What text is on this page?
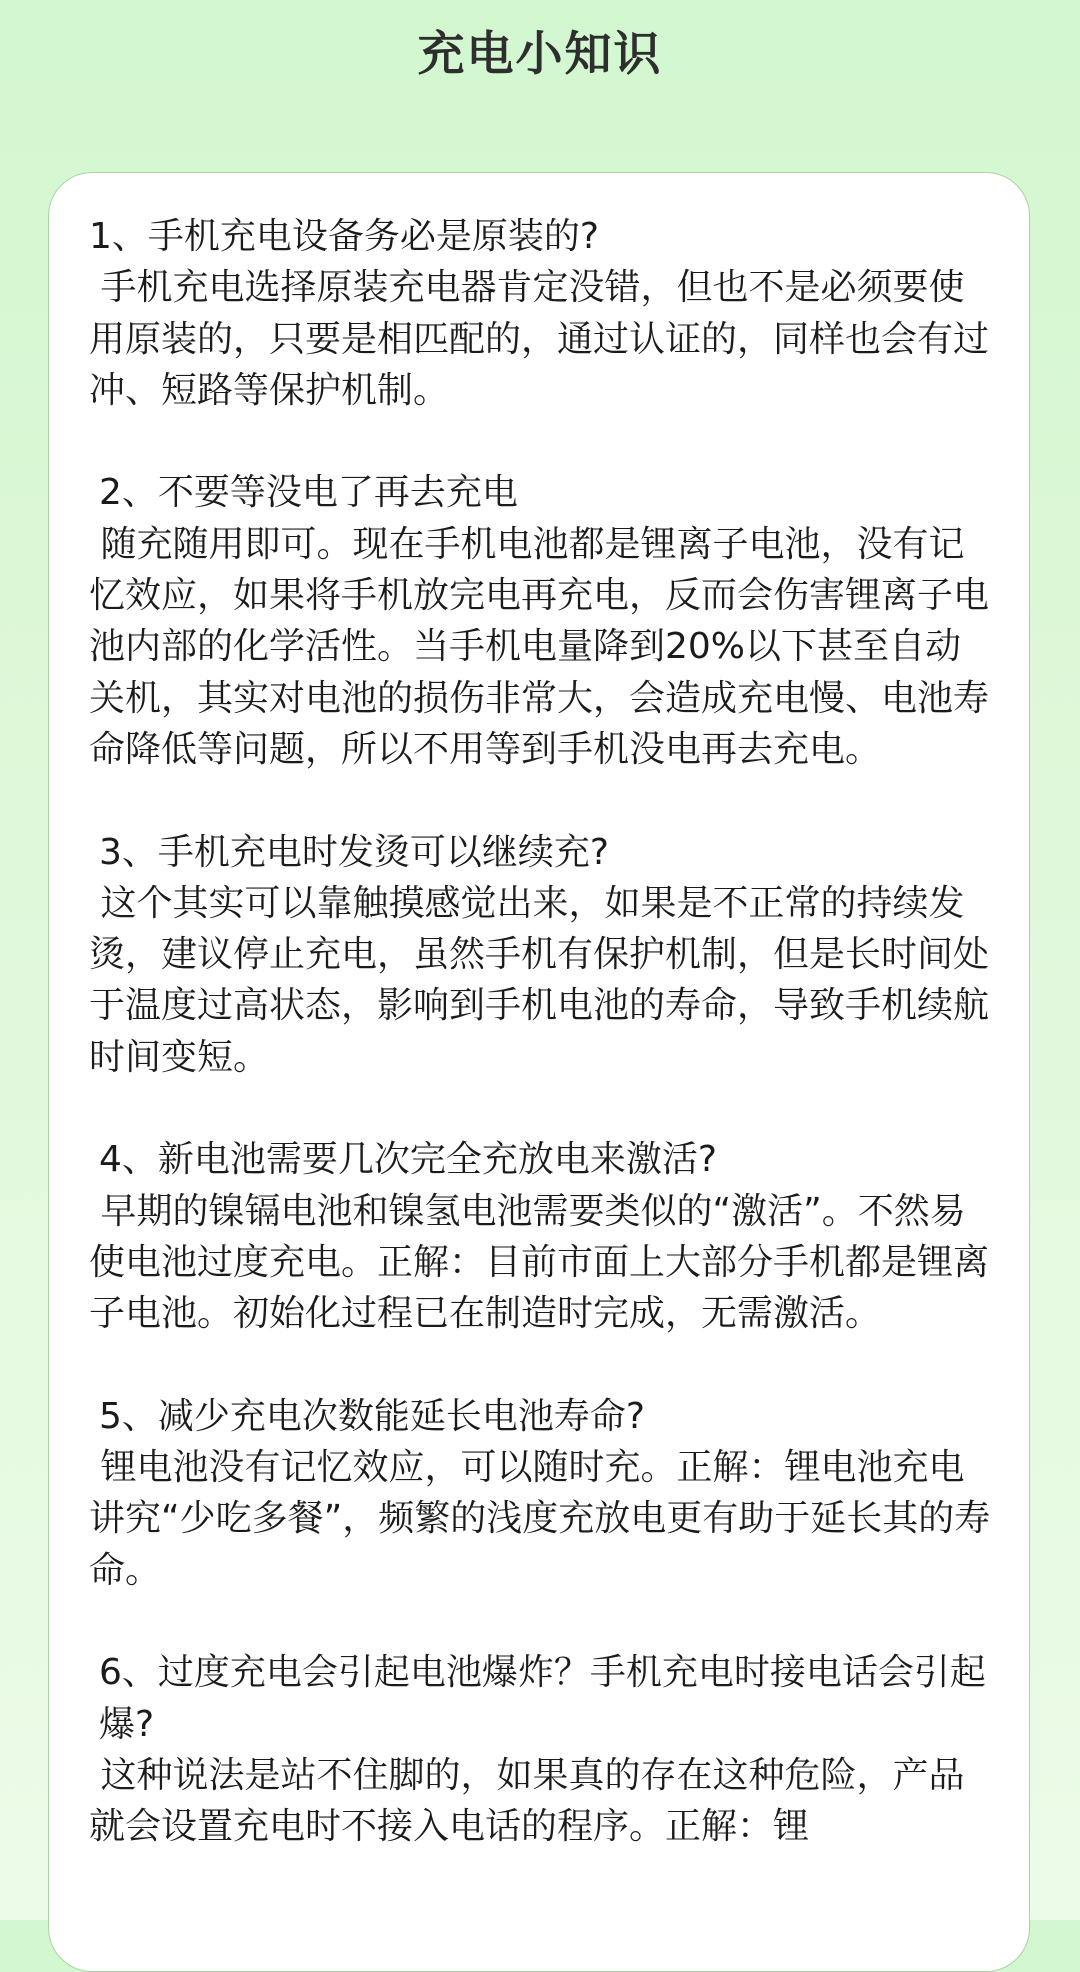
充电小知识

1、手机充电设备务必是原装的?

手机充电选择原装充电器肯定没错，但也不是必须要使用原装的，只要是相匹配的，通过认证的，同样也会有过冲、短路等保护机制。

2、不要等没电了再去充电

随充随用即可。现在手机电池都是锂离子电池，没有记忆效应，如果将手机放完电再充电，反而会伤害锂离子电池内部的化学活性。当手机电量降到20%以下甚至自动关机，其实对电池的损伤非常大，会造成充电慢、电池寿命降低等问题，所以不用等到手机没电再去充电。

3、手机充电时发烫可以继续充?

这个其实可以靠触摸感觉出来，如果是不正常的持续发烫，建议停止充电，虽然手机有保护机制，但是长时间处于温度过高状态，影响到手机电池的寿命，导致手机续航时间变短。

4、新电池需要几次完全充放电来激活?

早期的镍镉电池和镍氢电池需要类似的“激活”。不然易使电池过度充电。正解：目前市面上大部分手机都是锂离子电池。初始化过程已在制造时完成，无需激活。

5、减少充电次数能延长电池寿命?

锂电池没有记忆效应，可以随时充。正解：锂电池充电讲究“少吃多餐”，频繁的浅度充放电更有助于延长其的寿命。

6、过度充电会引起电池爆炸？手机充电时接电话会引起爆?

这种说法是站不住脚的，如果真的存在这种危险，产品就会设置充电时不接入电话的程序。正解：锂
